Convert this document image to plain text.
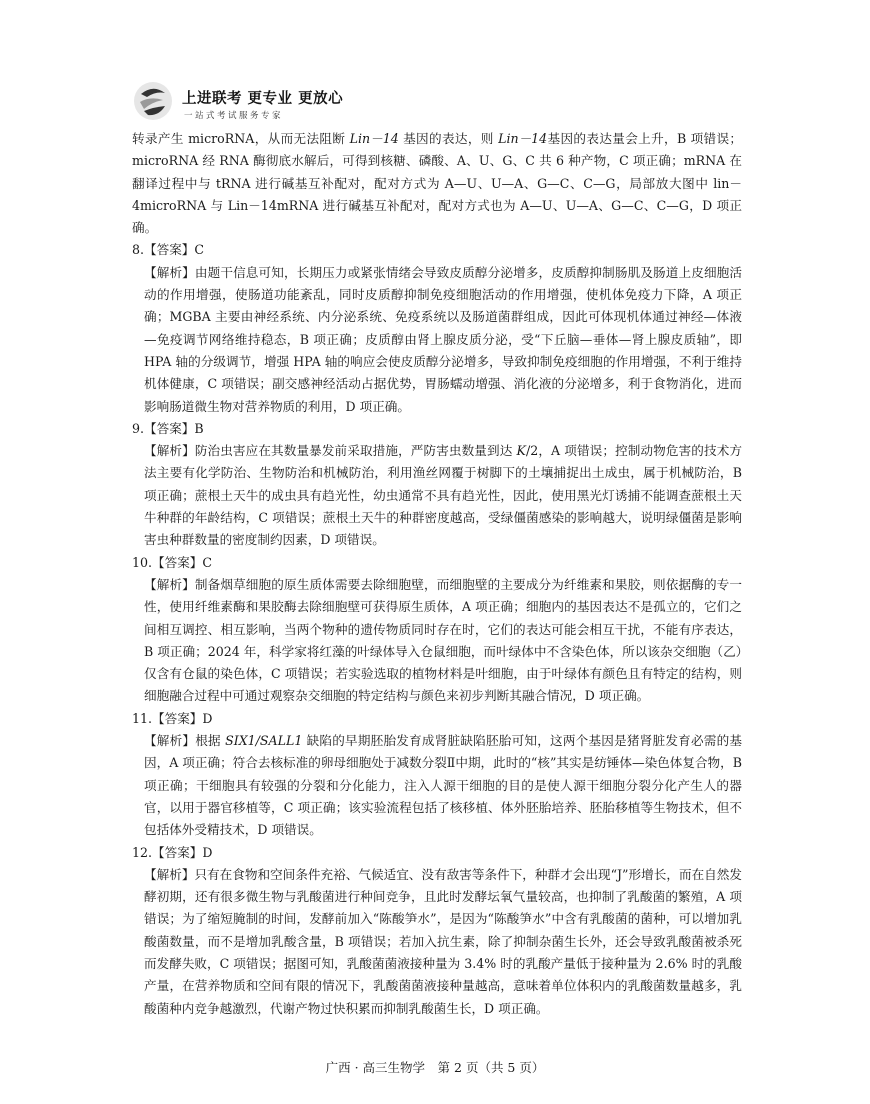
上进联考 更专业 更放心
一站式考试服务专家

转录产生 microRNA，从而无法阻断 Lin－14 基因的表达，则 Lin－14基因的表达量会上升，B 项错误；microRNA 经 RNA 酶彻底水解后，可得到核糖、磷酸、A、U、G、C 共 6 种产物，C 项正确；mRNA 在翻译过程中与 tRNA 进行碱基互补配对，配对方式为 A—U、U—A、G—C、C—G，局部放大图中 lin－4microRNA 与 Lin－14mRNA 进行碱基互补配对，配对方式也为 A—U、U—A、G—C、C—G，D 项正确。

8.【答案】C

【解析】由题干信息可知，长期压力或紧张情绪会导致皮质醇分泌增多，皮质醇抑制肠肌及肠道上皮细胞活动的作用增强，使肠道功能紊乱，同时皮质醇抑制免疫细胞活动的作用增强，使机体免疫力下降，A 项正确；MGBA 主要由神经系统、内分泌系统、免疫系统以及肠道菌群组成，因此可体现机体通过神经—体液—免疫调节网络维持稳态，B 项正确；皮质醇由肾上腺皮质分泌，受“下丘脑—垂体—肾上腺皮质轴”，即 HPA 轴的分级调节，增强 HPA 轴的响应会使皮质醇分泌增多，导致抑制免疫细胞的作用增强，不利于维持机体健康，C 项错误；副交感神经活动占据优势，胃肠蠕动增强、消化液的分泌增多，利于食物消化，进而影响肠道微生物对营养物质的利用，D 项正确。

9.【答案】B

【解析】防治虫害应在其数量暴发前采取措施，严防害虫数量到达 K/2，A 项错误；控制动物危害的技术方法主要有化学防治、生物防治和机械防治，利用渔丝网覆于树脚下的土壤捕捉出土成虫，属于机械防治，B 项正确；蔗根土天牛的成虫具有趋光性，幼虫通常不具有趋光性，因此，使用黑光灯诱捕不能调查蔗根土天牛种群的年龄结构，C 项错误；蔗根土天牛的种群密度越高，受绿僵菌感染的影响越大，说明绿僵菌是影响害虫种群数量的密度制约因素，D 项错误。

10.【答案】C

【解析】制备烟草细胞的原生质体需要去除细胞壁，而细胞壁的主要成分为纤维素和果胶，则依据酶的专一性，使用纤维素酶和果胶酶去除细胞壁可获得原生质体，A 项正确；细胞内的基因表达不是孤立的，它们之间相互调控、相互影响，当两个物种的遗传物质同时存在时，它们的表达可能会相互干扰，不能有序表达，B 项正确；2024 年，科学家将红藻的叶绿体导入仓鼠细胞，而叶绿体中不含染色体，所以该杂交细胞（乙）仅含有仓鼠的染色体，C 项错误；若实验选取的植物材料是叶细胞，由于叶绿体有颜色且有特定的结构，则细胞融合过程中可通过观察杂交细胞的特定结构与颜色来初步判断其融合情况，D 项正确。

11.【答案】D

【解析】根据 SIX1/SALL1 缺陷的早期胚胎发育成肾脏缺陷胚胎可知，这两个基因是猪肾脏发育必需的基因，A 项正确；符合去核标准的卵母细胞处于减数分裂Ⅱ中期，此时的“核”其实是纺锤体—染色体复合物，B 项正确；干细胞具有较强的分裂和分化能力，注入人源干细胞的目的是使人源干细胞分裂分化产生人的器官，以用于器官移植等，C 项正确；该实验流程包括了核移植、体外胚胎培养、胚胎移植等生物技术，但不包括体外受精技术，D 项错误。

12.【答案】D

【解析】只有在食物和空间条件充裕、气候适宜、没有敌害等条件下，种群才会出现“J”形增长，而在自然发酵初期，还有很多微生物与乳酸菌进行种间竞争，且此时发酵坛氧气量较高，也抑制了乳酸菌的繁殖，A 项错误；为了缩短腌制的时间，发酵前加入“陈酸笋水”，是因为“陈酸笋水”中含有乳酸菌的菌种，可以增加乳酸菌数量，而不是增加乳酸含量，B 项错误；若加入抗生素，除了抑制杂菌生长外，还会导致乳酸菌被杀死而发酵失败，C 项错误；据图可知，乳酸菌菌液接种量为 3.4% 时的乳酸产量低于接种量为 2.6% 时的乳酸产量，在营养物质和空间有限的情况下，乳酸菌菌液接种量越高，意味着单位体积内的乳酸菌数量越多，乳酸菌种内竞争越激烈，代谢产物过快积累而抑制乳酸菌生长，D 项正确。

广西 · 高三生物学　第 2 页（共 5 页）
